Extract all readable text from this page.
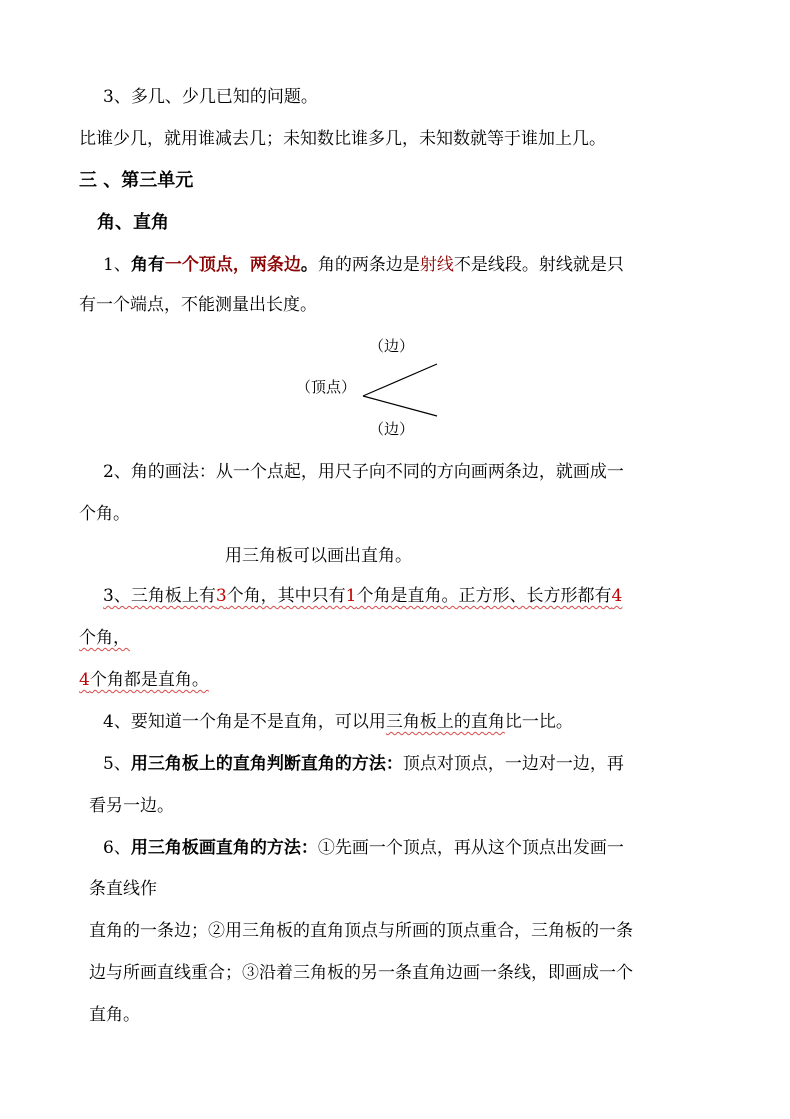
3、多几、少几已知的问题。
比谁少几，就用谁减去几；未知数比谁多几，未知数就等于谁加上几。
三 、第三单元
角、直角
1、角有一个顶点，两条边。角的两条边是射线不是线段。射线就是只
有一个端点，不能测量出长度。
（边）
（顶点）
（边）
2、角的画法：从一个点起，用尺子向不同的方向画两条边，就画成一
个角。
用三角板可以画出直角。
3、三角板上有3个角，其中只有1个角是直角。正方形、长方形都有4
个角，
4个角都是直角。
4、要知道一个角是不是直角，可以用三角板上的直角比一比。
5、用三角板上的直角判断直角的方法：顶点对顶点，一边对一边，再
看另一边。
6、用三角板画直角的方法：①先画一个顶点，再从这个顶点出发画一
条直线作
直角的一条边；②用三角板的直角顶点与所画的顶点重合，三角板的一条
边与所画直线重合；③沿着三角板的另一条直角边画一条线，即画成一个
直角。
